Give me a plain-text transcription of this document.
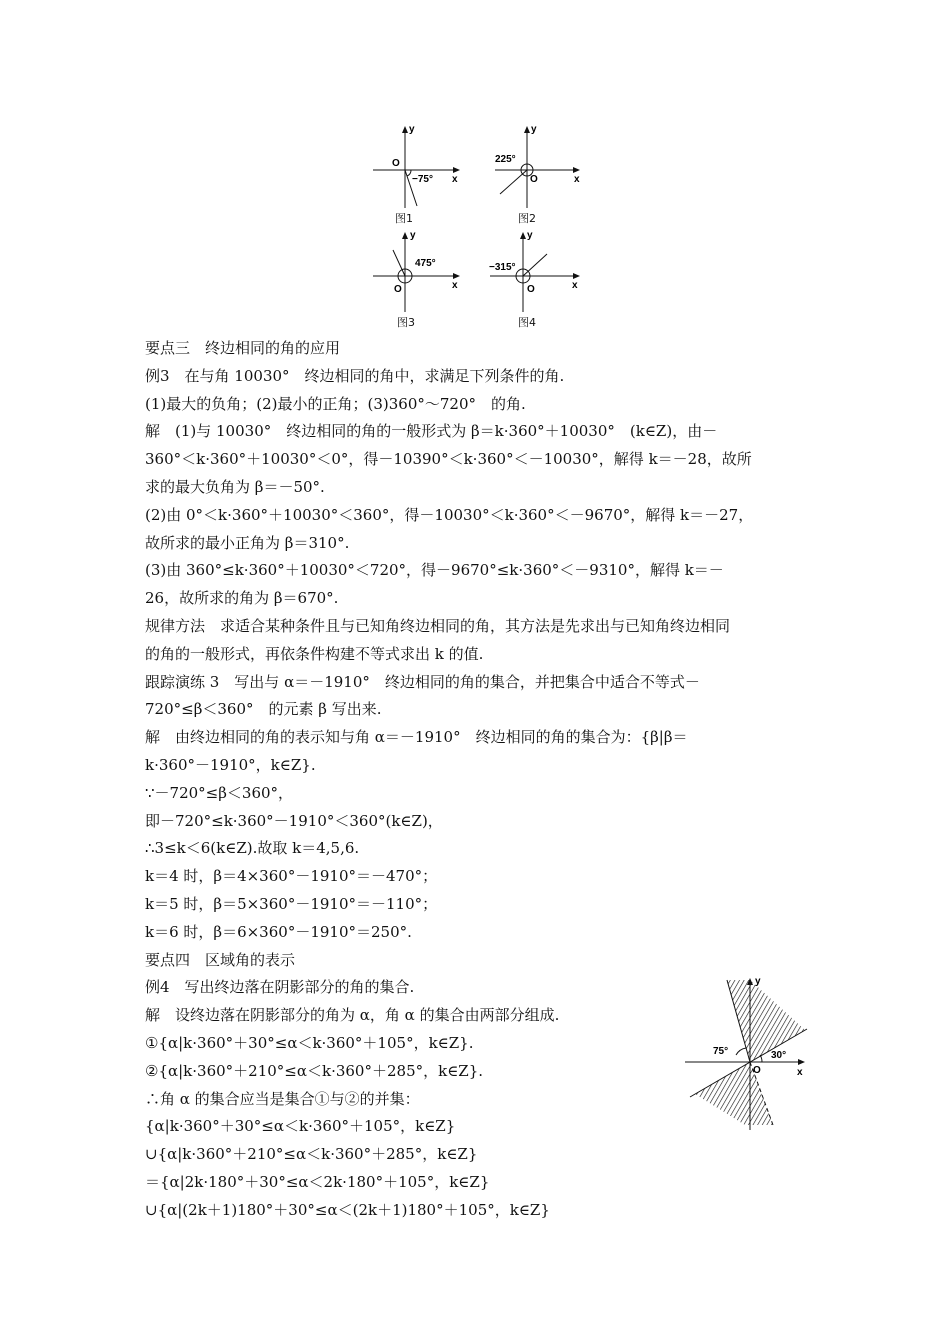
y
x
O
−75°
图1
y
x
O
225°
图2
y
x
O
475°
图3
y
x
O
−315°
图4
y
x
O
75°	30°
要点三　终边相同的角的应用
例3　在与角 10030°　终边相同的角中，求满足下列条件的角.
(1)最大的负角；(2)最小的正角；(3)360°～720°　的角.
解　(1)与 10030°　终边相同的角的一般形式为 β＝k·360°＋10030°　(k∈Z)，由－
360°＜k·360°＋10030°＜0°，得－10390°＜k·360°＜－10030°，解得 k＝－28，故所
求的最大负角为 β＝－50°.
(2)由 0°＜k·360°＋10030°＜360°，得－10030°＜k·360°＜－9670°，解得 k＝－27，
故所求的最小正角为 β＝310°.
(3)由 360°≤k·360°＋10030°＜720°，得－9670°≤k·360°＜－9310°，解得 k＝－
26，故所求的角为 β＝670°.
规律方法　求适合某种条件且与已知角终边相同的角，其方法是先求出与已知角终边相同
的角的一般形式，再依条件构建不等式求出 k 的值.
跟踪演练 3　写出与 α＝－1910°　终边相同的角的集合，并把集合中适合不等式－
720°≤β＜360°　的元素 β 写出来.
解　由终边相同的角的表示知与角 α＝－1910°　终边相同的角的集合为：{β|β＝
k·360°－1910°，k∈Z}.
∵－720°≤β＜360°，
即－720°≤k·360°－1910°＜360°(k∈Z)，
∴3≤k＜6(k∈Z).故取 k＝4,5,6.
k＝4 时，β＝4×360°－1910°＝－470°；
k＝5 时，β＝5×360°－1910°＝－110°；
k＝6 时，β＝6×360°－1910°＝250°.
要点四　区域角的表示
例4　写出终边落在阴影部分的角的集合.
解　设终边落在阴影部分的角为 α，角 α 的集合由两部分组成.
①{α|k·360°＋30°≤α＜k·360°＋105°，k∈Z}.
②{α|k·360°＋210°≤α＜k·360°＋285°，k∈Z}.
∴角 α 的集合应当是集合①与②的并集：
{α|k·360°＋30°≤α＜k·360°＋105°，k∈Z}
∪{α|k·360°＋210°≤α＜k·360°＋285°，k∈Z}
＝{α|2k·180°＋30°≤α＜2k·180°＋105°，k∈Z}
∪{α|(2k＋1)180°＋30°≤α＜(2k＋1)180°＋105°，k∈Z}
